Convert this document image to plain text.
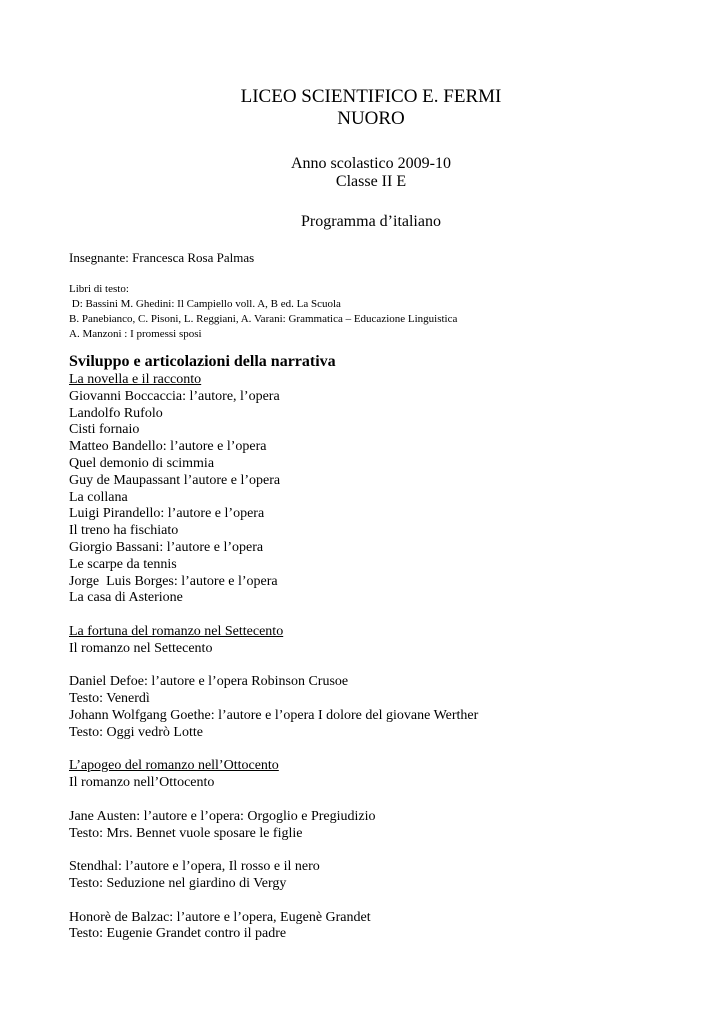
LICEO SCIENTIFICO E. FERMI
NUORO
Anno scolastico 2009-10
Classe II E
Programma d’italiano
Insegnante: Francesca Rosa Palmas
Libri di testo:
D: Bassini M. Ghedini: Il Campiello voll. A, B ed. La Scuola
B. Panebianco, C. Pisoni, L. Reggiani, A. Varani: Grammatica – Educazione Linguistica
A. Manzoni : I promessi sposi
Sviluppo e articolazioni della narrativa
La novella e il racconto
Giovanni Boccaccia: l’autore, l’opera
Landolfo Rufolo
Cisti fornaio
Matteo Bandello: l’autore e l’opera
Quel demonio di scimmia
Guy de Maupassant l’autore e l’opera
La collana
Luigi Pirandello: l’autore e l’opera
Il treno ha fischiato
Giorgio Bassani: l’autore e l’opera
Le scarpe da tennis
Jorge  Luis Borges: l’autore e l’opera
La casa di Asterione
La fortuna del romanzo nel Settecento
Il romanzo nel Settecento
Daniel Defoe: l’autore e l’opera Robinson Crusoe
Testo: Venerdì
Johann Wolfgang Goethe: l’autore e l’opera I dolore del giovane Werther
Testo: Oggi vedrò Lotte
L’apogeo del romanzo nell’Ottocento
Il romanzo nell’Ottocento
Jane Austen: l’autore e l’opera: Orgoglio e Pregiudizio
Testo: Mrs. Bennet vuole sposare le figlie
Stendhal: l’autore e l’opera, Il rosso e il nero
Testo: Seduzione nel giardino di Vergy
Honorè de Balzac: l’autore e l’opera, Eugenè Grandet
Testo: Eugenie Grandet contro il padre
